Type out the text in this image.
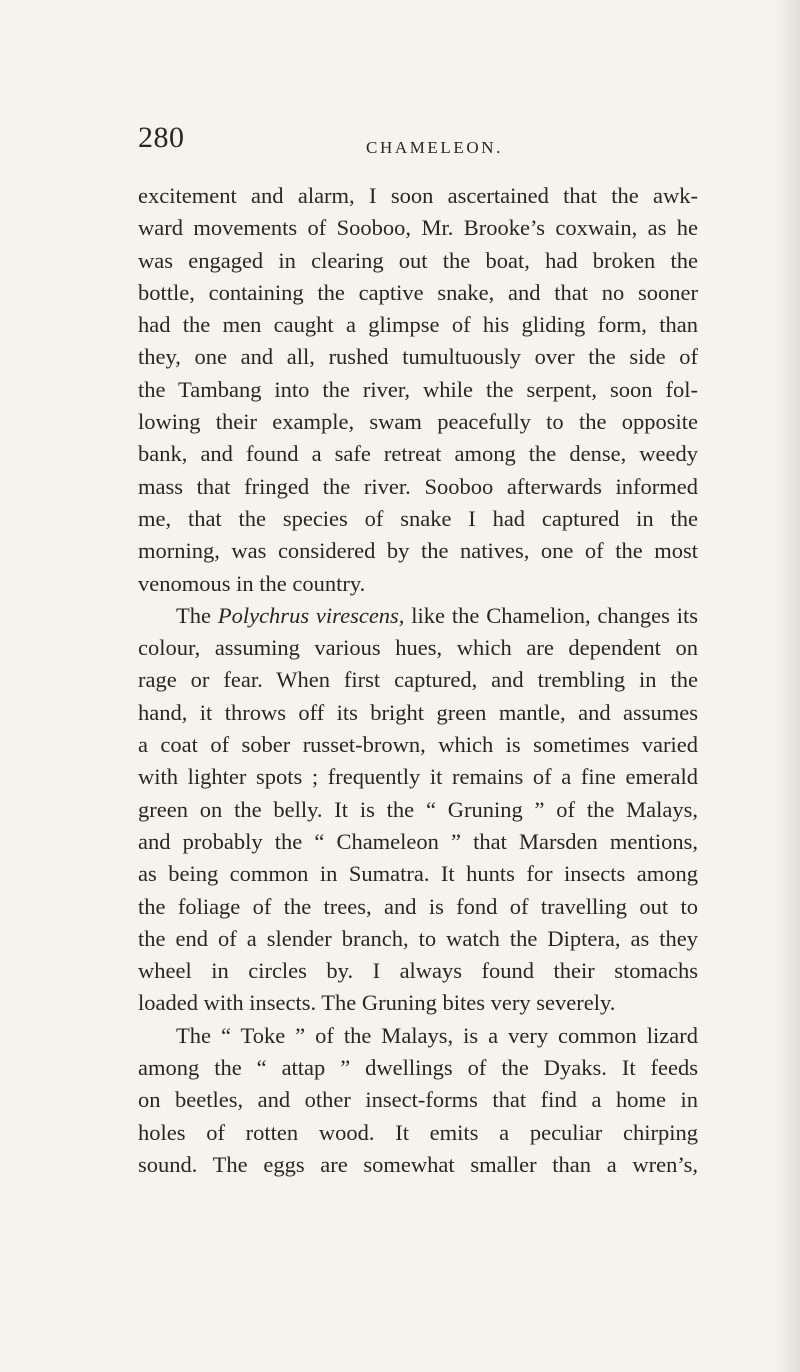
280	CHAMELEON.
excitement and alarm, I soon ascertained that the awk-
ward movements of Sooboo, Mr. Brooke’s coxwain, as he
was engaged in clearing out the boat, had broken the
bottle, containing the captive snake, and that no sooner
had the men caught a glimpse of his gliding form, than
they, one and all, rushed tumultuously over the side of
the Tambang into the river, while the serpent, soon fol-
lowing their example, swam peacefully to the opposite
bank, and found a safe retreat among the dense, weedy
mass that fringed the river. Sooboo afterwards informed
me, that the species of snake I had captured in the
morning, was considered by the natives, one of the most
venomous in the country.
The Polychrus virescens, like the Chamelion, changes its
colour, assuming various hues, which are dependent on
rage or fear. When first captured, and trembling in the
hand, it throws off its bright green mantle, and assumes
a coat of sober russet-brown, which is sometimes varied
with lighter spots ; frequently it remains of a fine emerald
green on the belly. It is the “ Gruning ” of the Malays,
and probably the “ Chameleon ” that Marsden mentions,
as being common in Sumatra. It hunts for insects among
the foliage of the trees, and is fond of travelling out to
the end of a slender branch, to watch the Diptera, as they
wheel in circles by. I always found their stomachs
loaded with insects. The Gruning bites very severely.
The “ Toke ” of the Malays, is a very common lizard
among the “ attap ” dwellings of the Dyaks. It feeds
on beetles, and other insect-forms that find a home in
holes of rotten wood. It emits a peculiar chirping
sound. The eggs are somewhat smaller than a wren’s,
